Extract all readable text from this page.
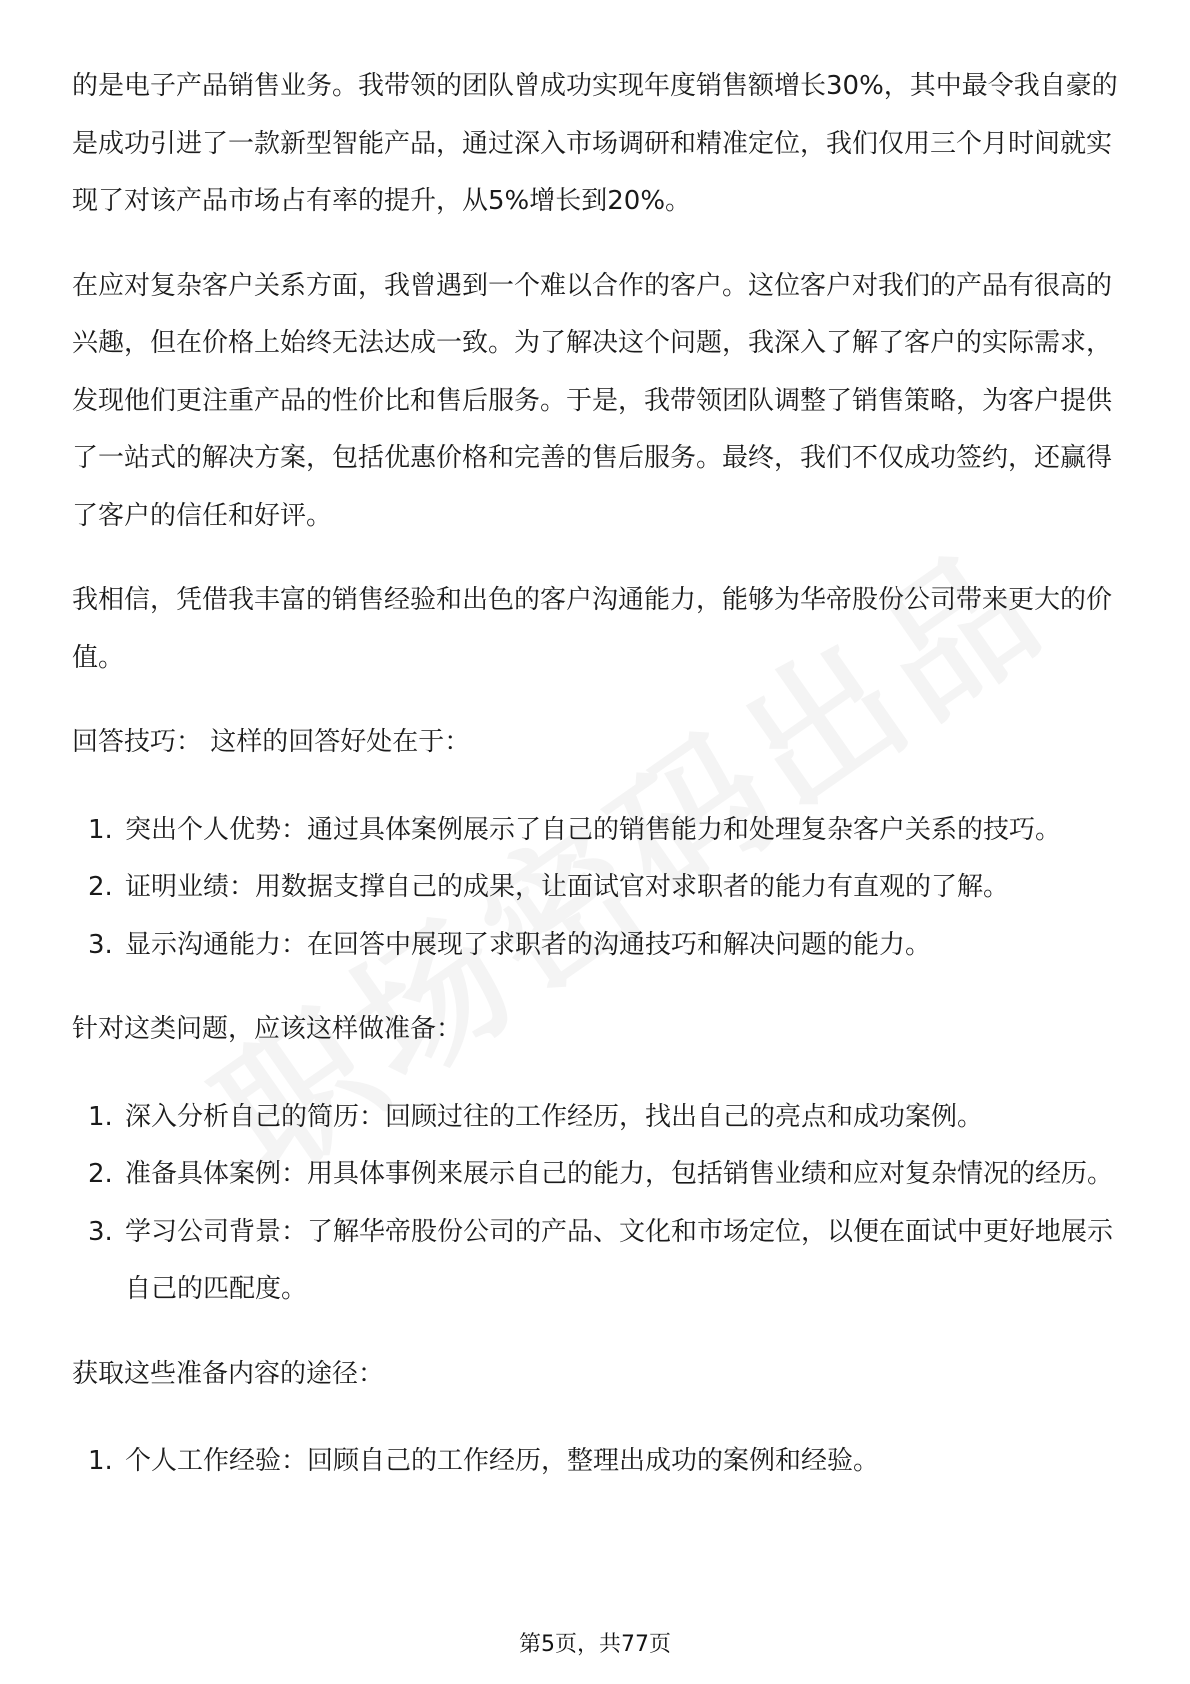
的是电子产品销售业务。我带领的团队曾成功实现年度销售额增长30%，其中最令我自豪的是成功引进了一款新型智能产品，通过深入市场调研和精准定位，我们仅用三个月时间就实现了对该产品市场占有率的提升，从5%增长到20%。

在应对复杂客户关系方面，我曾遇到一个难以合作的客户。这位客户对我们的产品有很高的兴趣，但在价格上始终无法达成一致。为了解决这个问题，我深入了解了客户的实际需求，发现他们更注重产品的性价比和售后服务。于是，我带领团队调整了销售策略，为客户提供了一站式的解决方案，包括优惠价格和完善的售后服务。最终，我们不仅成功签约，还赢得了客户的信任和好评。

我相信，凭借我丰富的销售经验和出色的客户沟通能力，能够为华帝股份公司带来更大的价值。

回答技巧： 这样的回答好处在于：

1. 突出个人优势：通过具体案例展示了自己的销售能力和处理复杂客户关系的技巧。
2. 证明业绩：用数据支撑自己的成果，让面试官对求职者的能力有直观的了解。
3. 显示沟通能力：在回答中展现了求职者的沟通技巧和解决问题的能力。

针对这类问题，应该这样做准备：

1. 深入分析自己的简历：回顾过往的工作经历，找出自己的亮点和成功案例。
2. 准备具体案例：用具体事例来展示自己的能力，包括销售业绩和应对复杂情况的经历。
3. 学习公司背景：了解华帝股份公司的产品、文化和市场定位，以便在面试中更好地展示自己的匹配度。

获取这些准备内容的途径：

1. 个人工作经验：回顾自己的工作经历，整理出成功的案例和经验。
第5页，共77页
